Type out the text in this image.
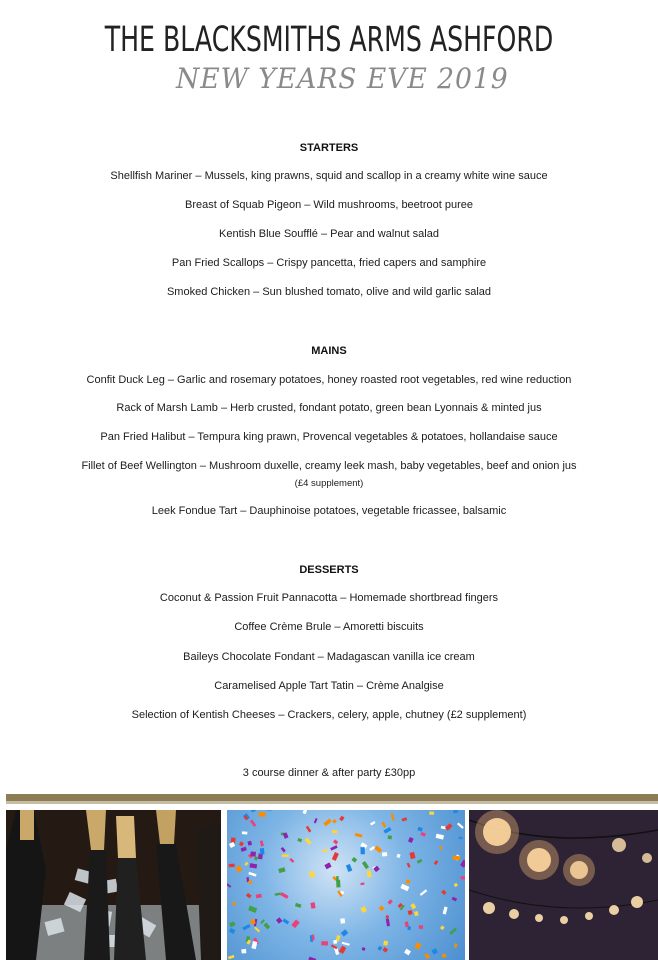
THE BLACKSMITHS ARMS ASHFORD
NEW YEARS EVE 2019
STARTERS
Shellfish Mariner – Mussels, king prawns, squid and scallop in a creamy white wine sauce
Breast of Squab Pigeon – Wild mushrooms, beetroot puree
Kentish Blue Soufflé – Pear and walnut salad
Pan Fried Scallops – Crispy pancetta, fried capers and samphire
Smoked Chicken – Sun blushed tomato, olive and wild garlic salad
MAINS
Confit Duck Leg – Garlic and rosemary potatoes, honey roasted root vegetables, red wine reduction
Rack of Marsh Lamb – Herb crusted, fondant potato, green bean Lyonnais & minted jus
Pan Fried Halibut – Tempura king prawn, Provencal vegetables & potatoes, hollandaise sauce
Fillet of Beef Wellington – Mushroom duxelle, creamy leek mash, baby vegetables, beef and onion jus
(£4 supplement)
Leek Fondue Tart – Dauphinoise potatoes, vegetable fricassee, balsamic
DESSERTS
Coconut & Passion Fruit Pannacotta – Homemade shortbread fingers
Coffee Crème Brule – Amoretti biscuits
Baileys Chocolate Fondant – Madagascan vanilla ice cream
Caramelised Apple Tart Tatin – Crème Analgise
Selection of Kentish Cheeses – Crackers, celery, apple, chutney (£2 supplement)
3 course dinner & after party £30pp
